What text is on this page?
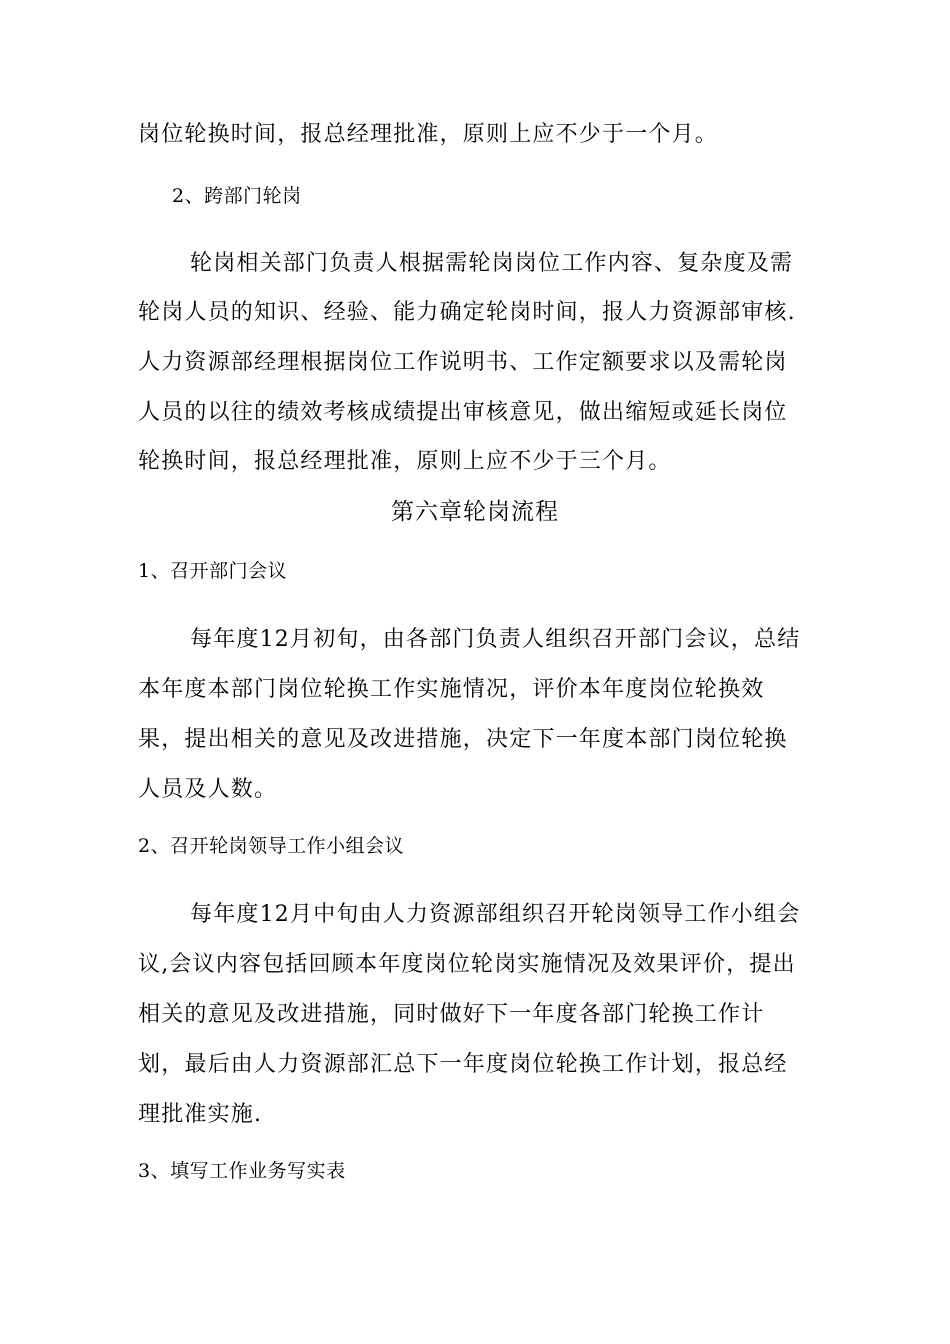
岗位轮换时间，报总经理批准，原则上应不少于一个月。
2、跨部门轮岗
轮岗相关部门负责人根据需轮岗岗位工作内容、复杂度及需
轮岗人员的知识、经验、能力确定轮岗时间，报人力资源部审核.
人力资源部经理根据岗位工作说明书、工作定额要求以及需轮岗
人员的以往的绩效考核成绩提出审核意见，做出缩短或延长岗位
轮换时间，报总经理批准，原则上应不少于三个月。
第六章轮岗流程
1、召开部门会议
每年度12月初旬，由各部门负责人组织召开部门会议，总结
本年度本部门岗位轮换工作实施情况，评价本年度岗位轮换效
果，提出相关的意见及改进措施，决定下一年度本部门岗位轮换
人员及人数。
2、召开轮岗领导工作小组会议
每年度12月中旬由人力资源部组织召开轮岗领导工作小组会
议,会议内容包括回顾本年度岗位轮岗实施情况及效果评价，提出
相关的意见及改进措施，同时做好下一年度各部门轮换工作计
划，最后由人力资源部汇总下一年度岗位轮换工作计划，报总经
理批准实施.
3、填写工作业务写实表
